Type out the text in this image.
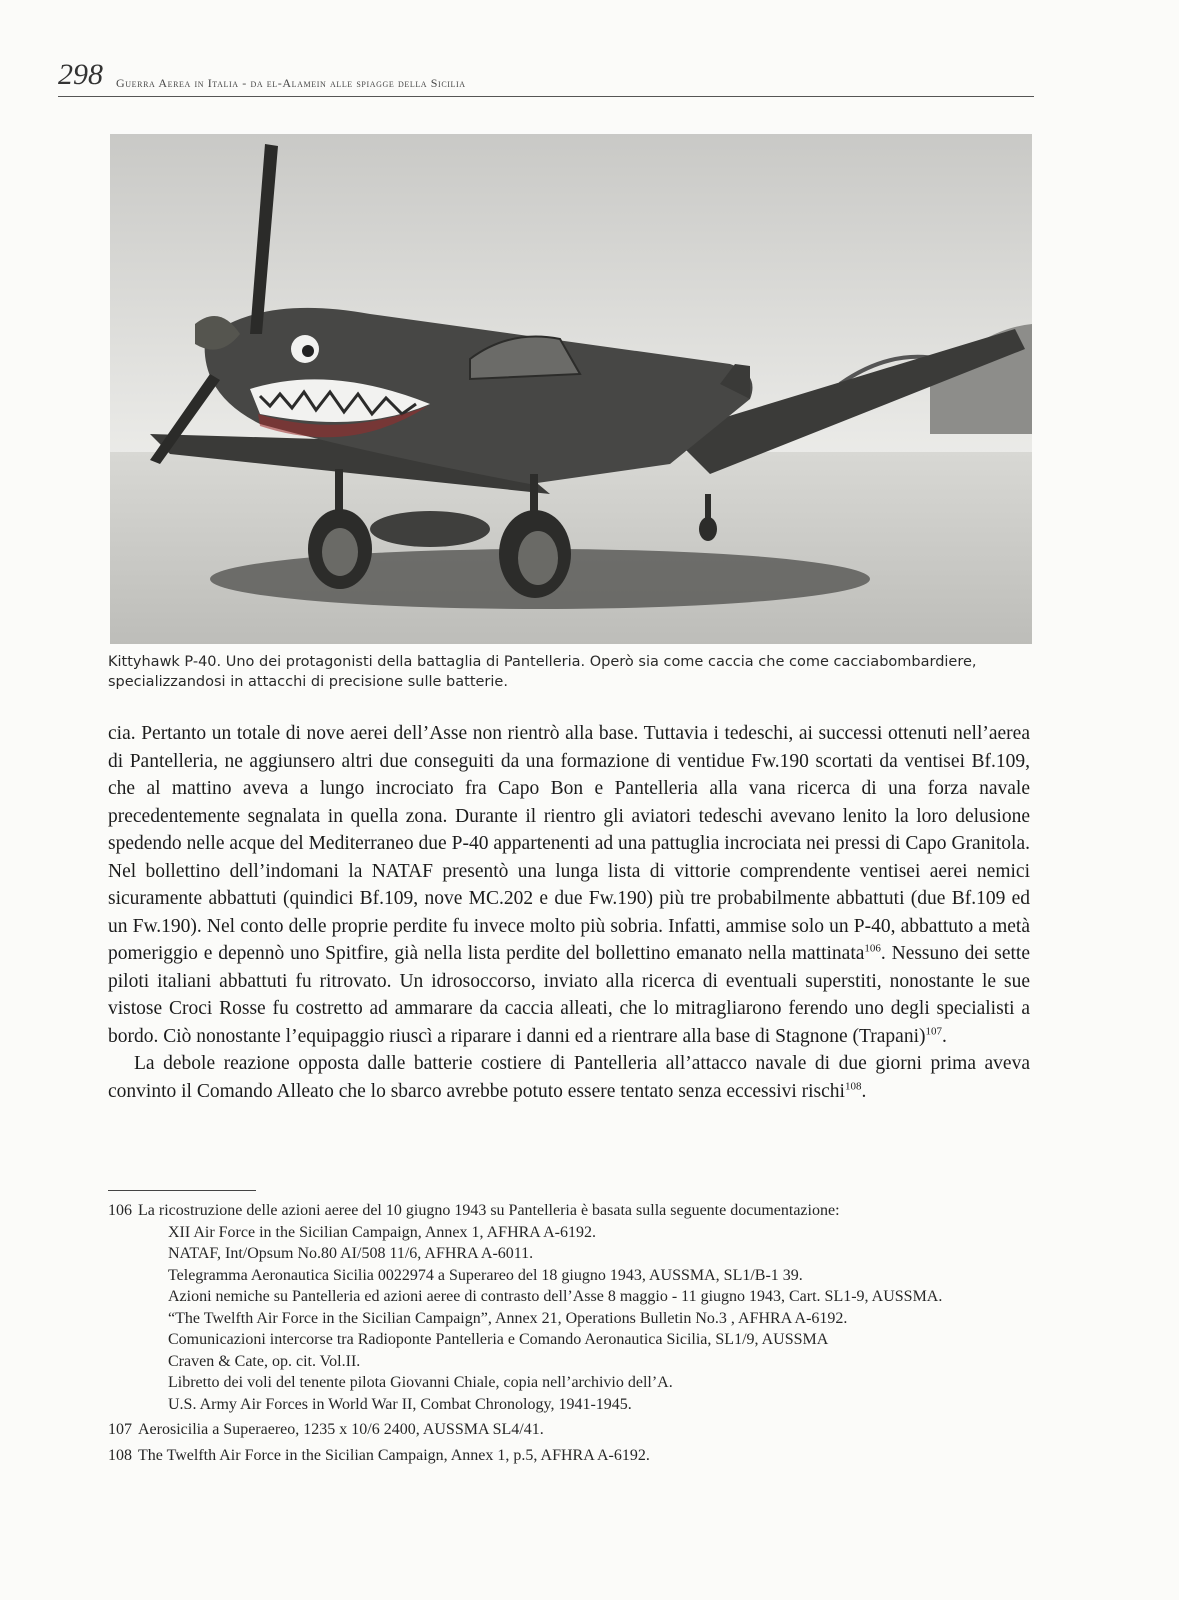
298 Guerra Aerea in Italia - da el-Alamein alle spiagge della Sicilia
Kittyhawk P-40. Uno dei protagonisti della battaglia di Pantelleria. Operò sia come caccia che come cacciabombardiere, specializzandosi in attacchi di precisione sulle batterie.

cia. Pertanto un totale di nove aerei dell’Asse non rientrò alla base. Tuttavia i tedeschi, ai successi ottenuti nell’aerea di Pantelleria, ne aggiunsero altri due conseguiti da una formazione di ventidue Fw.190 scortati da ventisei Bf.109, che al mattino aveva a lungo incrociato fra Capo Bon e Pantelleria alla vana ricerca di una forza navale precedentemente segnalata in quella zona. Durante il rientro gli aviatori tedeschi avevano lenito la loro delusione spedendo nelle acque del Mediterraneo due P-40 appartenenti ad una pattuglia incrociata nei pressi di Capo Granitola. Nel bollettino dell’indomani la NATAF presentò una lunga lista di vittorie comprendente ventisei aerei nemici sicuramente abbattuti (quindici Bf.109, nove MC.202 e due Fw.190) più tre probabilmente abbattuti (due Bf.109 ed un Fw.190). Nel conto delle proprie perdite fu invece molto più sobria. Infatti, ammise solo un P-40, abbattuto a metà pomeriggio e depennò uno Spitfire, già nella lista perdite del bollettino emanato nella mattinata$^{106}$. Nessuno dei sette piloti italiani abbattuti fu ritrovato. Un idrosoccorso, inviato alla ricerca di eventuali superstiti, nonostante le sue vistose Croci Rosse fu costretto ad ammarare da caccia alleati, che lo mitragliarono ferendo uno degli specialisti a bordo. Ciò nonostante l’equipaggio riuscì a riparare i danni ed a rientrare alla base di Stagnone (Trapani)$^{107}$.

La debole reazione opposta dalle batterie costiere di Pantelleria all’attacco navale di due giorni prima aveva convinto il Comando Alleato che lo sbarco avrebbe potuto essere tentato senza eccessivi rischi$^{108}$.

106 La ricostruzione delle azioni aeree del 10 giugno 1943 su Pantelleria è basata sulla seguente documentazione:
XII Air Force in the Sicilian Campaign, Annex 1, AFHRA A-6192.
NATAF, Int/Opsum No.80 AI/508 11/6, AFHRA A-6011.
Telegramma Aeronautica Sicilia 0022974 a Superareo del 18 giugno 1943, AUSSMA, SL1/B-1 39.
Azioni nemiche su Pantelleria ed azioni aeree di contrasto dell’Asse 8 maggio - 11 giugno 1943, Cart. SL1-9, AUSSMA.
“The Twelfth Air Force in the Sicilian Campaign”, Annex 21, Operations Bulletin No.3 , AFHRA A-6192.
Comunicazioni intercorse tra Radioponte Pantelleria e Comando Aeronautica Sicilia, SL1/9, AUSSMA
Craven & Cate, op. cit. Vol.II.
Libretto dei voli del tenente pilota Giovanni Chiale, copia nell’archivio dell’A.
U.S. Army Air Forces in World War II, Combat Chronology, 1941-1945.
107 Aerosicilia a Superaereo, 1235 x 10/6 2400, AUSSMA SL4/41.
108 The Twelfth Air Force in the Sicilian Campaign, Annex 1, p.5, AFHRA A-6192.
